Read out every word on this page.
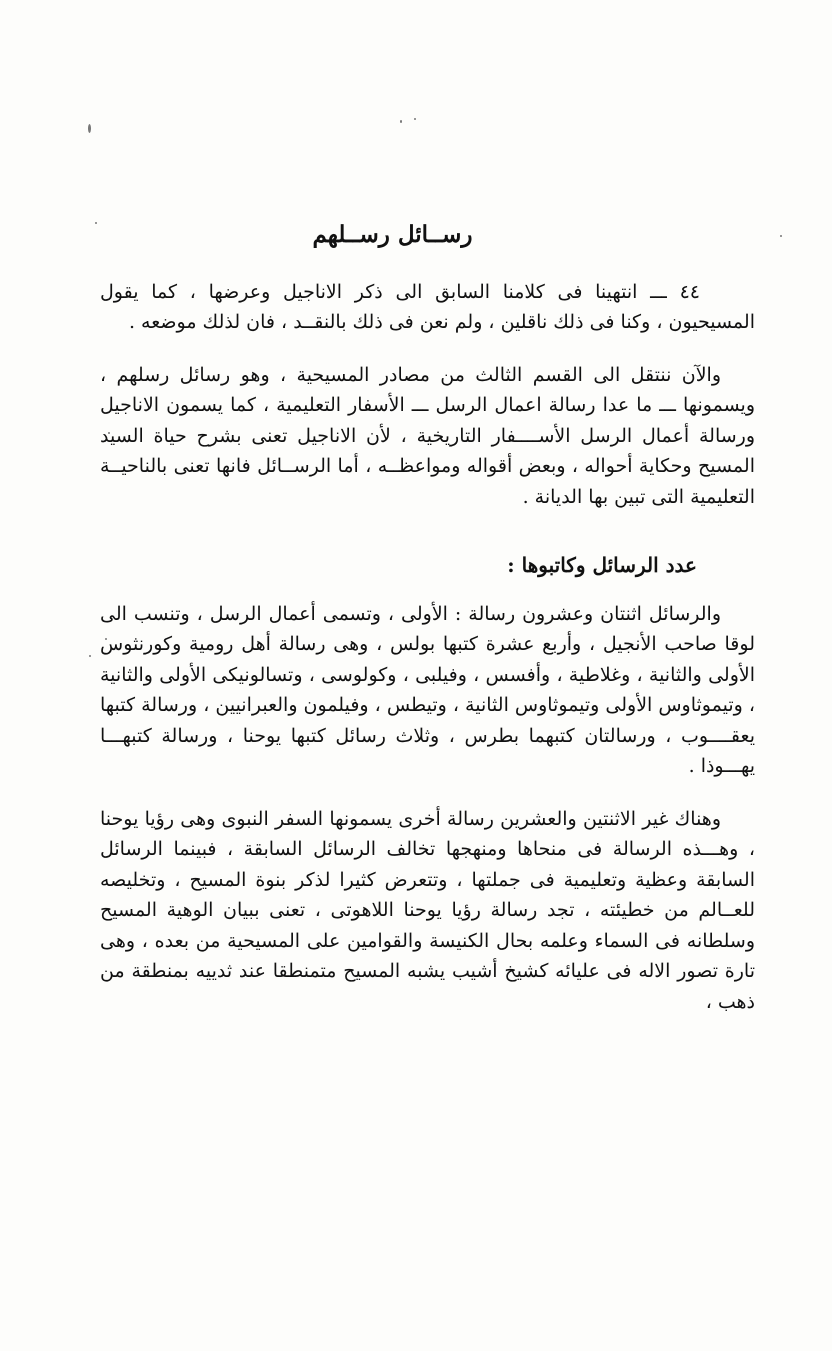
رســائل رســلهم

٤٤ ـــ انتهينا فى كلامنا السابق الى ذكر الاناجيل وعرضها ، كما يقول المسيحيون ، وكنا فى ذلك ناقلين ، ولم نعن فى ذلك بالنقــد ، فان لذلك موضعه .

والآن ننتقل الى القسم الثالث من مصادر المسيحية ، وهو رسائل رسلهم ، ويسمونها ـــ ما عدا رسالة اعمال الرسل ـــ الأسفار التعليمية ، كما يسمون الاناجيل ورسالة أعمال الرسل الأســــفار التاريخية ، لأن الاناجيل تعنى بشرح حياة السيد المسيح وحكاية أحواله ، وبعض أقواله ومواعظــه ، أما الرســائل فانها تعنى بالناحيــة التعليمية التى تبين بها الديانة .

عدد الرسائل وكاتبوها :

والرسائل اثنتان وعشرون رسالة : الأولى ، وتسمى أعمال الرسل ، وتنسب الى لوقا صاحب الأنجيل ، وأربع عشرة كتبها بولس ، وهى رسالة أهل رومية وكورنثوس الأولى والثانية ، وغلاطية ، وأفسس ، وفيلبى ، وكولوسى ، وتسالونيكى الأولى والثانية ، وتيموثاوس الأولى وتيموثاوس الثانية ، وتيطس ، وفيلمون والعبرانيين ، ورسالة كتبها يعقــــوب ، ورسالتان كتبهما بطرس ، وثلاث رسائل كتبها يوحنا ، ورسالة كتبهـــا يهـــوذا .

وهناك غير الاثنتين والعشرين رسالة أخرى يسمونها السفر النبوى وهى رؤيا يوحنا ، وهـــذه الرسالة فى منحاها ومنهجها تخالف الرسائل السابقة ، فبينما الرسائل السابقة وعظية وتعليمية فى جملتها ، وتتعرض كثيرا لذكر بنوة المسيح ، وتخليصه للعــالم من خطيئته ، تجد رسالة رؤيا يوحنا اللاهوتى ، تعنى ببيان الوهية المسيح وسلطانه فى السماء وعلمه بحال الكنيسة والقوامين على المسيحية من بعده ، وهى تارة تصور الاله فى عليائه كشيخ أشيب يشبه المسيح متمنطقا عند ثدييه بمنطقة من ذهب ،
